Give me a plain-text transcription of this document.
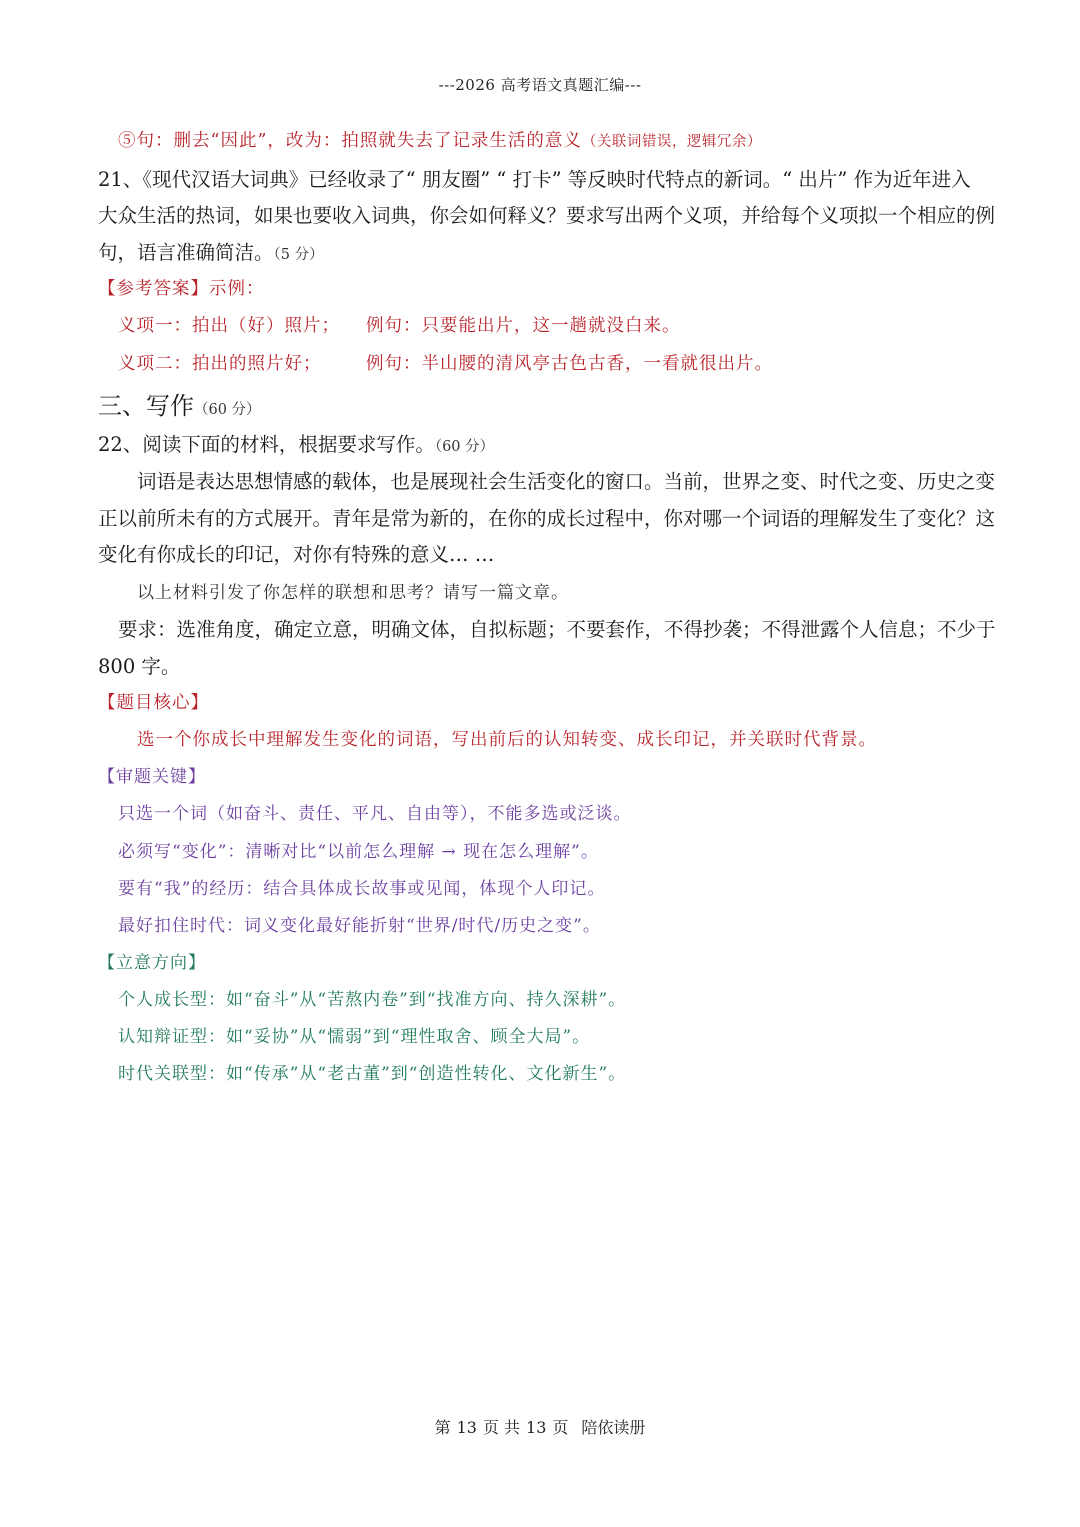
---2026 高考语文真题汇编---
⑤句：删去“因此”，改为：拍照就失去了记录生活的意义（关联词错误，逻辑冗余）
21、《现代汉语大词典》已经收录了“ 朋友圈” “ 打卡” 等反映时代特点的新词。“ 出片” 作为近年进入
大众生活的热词，如果也要收入词典，你会如何释义？要求写出两个义项，并给每个义项拟一个相应的例
句，语言准确简洁。（5 分）
【参考答案】示例：
义项一：拍出（好）照片； 例句：只要能出片，这一趟就没白来。
义项二：拍出的照片好；	例句：半山腰的清风亭古色古香，一看就很出片。
三、写作（60 分）
22、阅读下面的材料，根据要求写作。（60 分）
词语是表达思想情感的载体，也是展现社会生活变化的窗口。当前，世界之变、时代之变、历史之变
正以前所未有的方式展开。青年是常为新的，在你的成长过程中，你对哪一个词语的理解发生了变化？这
变化有你成长的印记，对你有特殊的意义… …
以上材料引发了你怎样的联想和思考？请写一篇文章。
要求：选准角度，确定立意，明确文体，自拟标题；不要套作，不得抄袭；不得泄露个人信息；不少于
800 字。
【题目核心】
选一个你成长中理解发生变化的词语，写出前后的认知转变、成长印记，并关联时代背景。
【审题关键】
只选一个词（如奋斗、责任、平凡、自由等），不能多选或泛谈。
必须写“变化”：清晰对比“以前怎么理解 → 现在怎么理解”。
要有“我”的经历：结合具体成长故事或见闻，体现个人印记。
最好扣住时代：词义变化最好能折射“世界/时代/历史之变”。
【立意方向】
个人成长型：如“奋斗”从“苦熬内卷”到“找准方向、持久深耕”。
认知辩证型：如“妥协”从“懦弱”到“理性取舍、顾全大局”。
时代关联型：如“传承”从“老古董”到“创造性转化、文化新生”。
第 13 页 共 13 页 陪依读册
